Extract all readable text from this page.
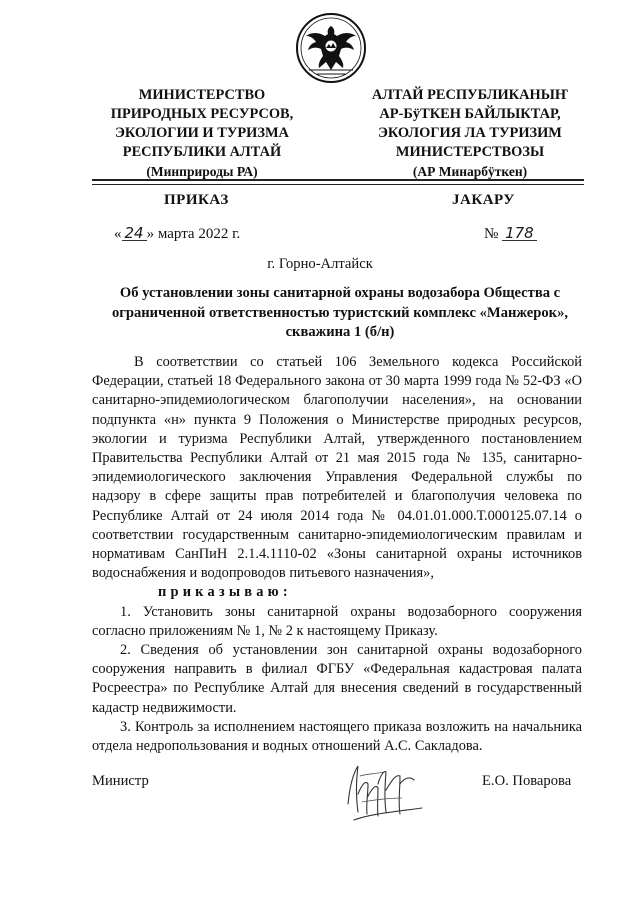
МИНИСТЕРСТВО
ПРИРОДНЫХ РЕСУРСОВ,
ЭКОЛОГИИ И ТУРИЗМА
РЕСПУБЛИКИ АЛТАЙ
(Минприроды РА)
АЛТАЙ РЕСПУБЛИКАНЫҤ
АР-БÿТКЕН БАЙЛЫКТАР,
ЭКОЛОГИЯ ЛА ТУРИЗИМ
МИНИСТЕРСТВОЗЫ
(АР Минарбÿткен)
ПРИКАЗ	JАКАРУ
« 24 » марта 2022 г.	№ 178
г. Горно-Алтайск
Об установлении зоны санитарной охраны водозабора Общества с ограниченной ответственностью туристский комплекс «Манжерок», скважина 1 (б/н)

В соответствии со статьей 106 Земельного кодекса Российской Федерации, статьей 18 Федерального закона от 30 марта 1999 года № 52-ФЗ «О санитарно-эпидемиологическом благополучии населения», на основании подпункта «н» пункта 9 Положения о Министерстве природных ресурсов, экологии и туризма Республики Алтай, утвержденного постановлением Правительства Республики Алтай от 21 мая 2015 года № 135, санитарно-эпидемиологического заключения Управления Федеральной службы по надзору в сфере защиты прав потребителей и благополучия человека по Республике Алтай от 24 июля 2014 года № 04.01.01.000.Т.000125.07.14 о соответствии государственным санитарно-эпидемиологическим правилам и нормативам СанПиН 2.1.4.1110-02 «Зоны санитарной охраны источников водоснабжения и водопроводов питьевого назначения»,

приказываю:

1. Установить зоны санитарной охраны водозаборного сооружения согласно приложениям № 1, № 2 к настоящему Приказу.

2. Сведения об установлении зон санитарной охраны водозаборного сооружения направить в филиал ФГБУ «Федеральная кадастровая палата Росреестра» по Республике Алтай для внесения сведений в государственный кадастр недвижимости.

3. Контроль за исполнением настоящего приказа возложить на начальника отдела недропользования и водных отношений А.С. Сакладова.

Министр	Е.О. Поварова
